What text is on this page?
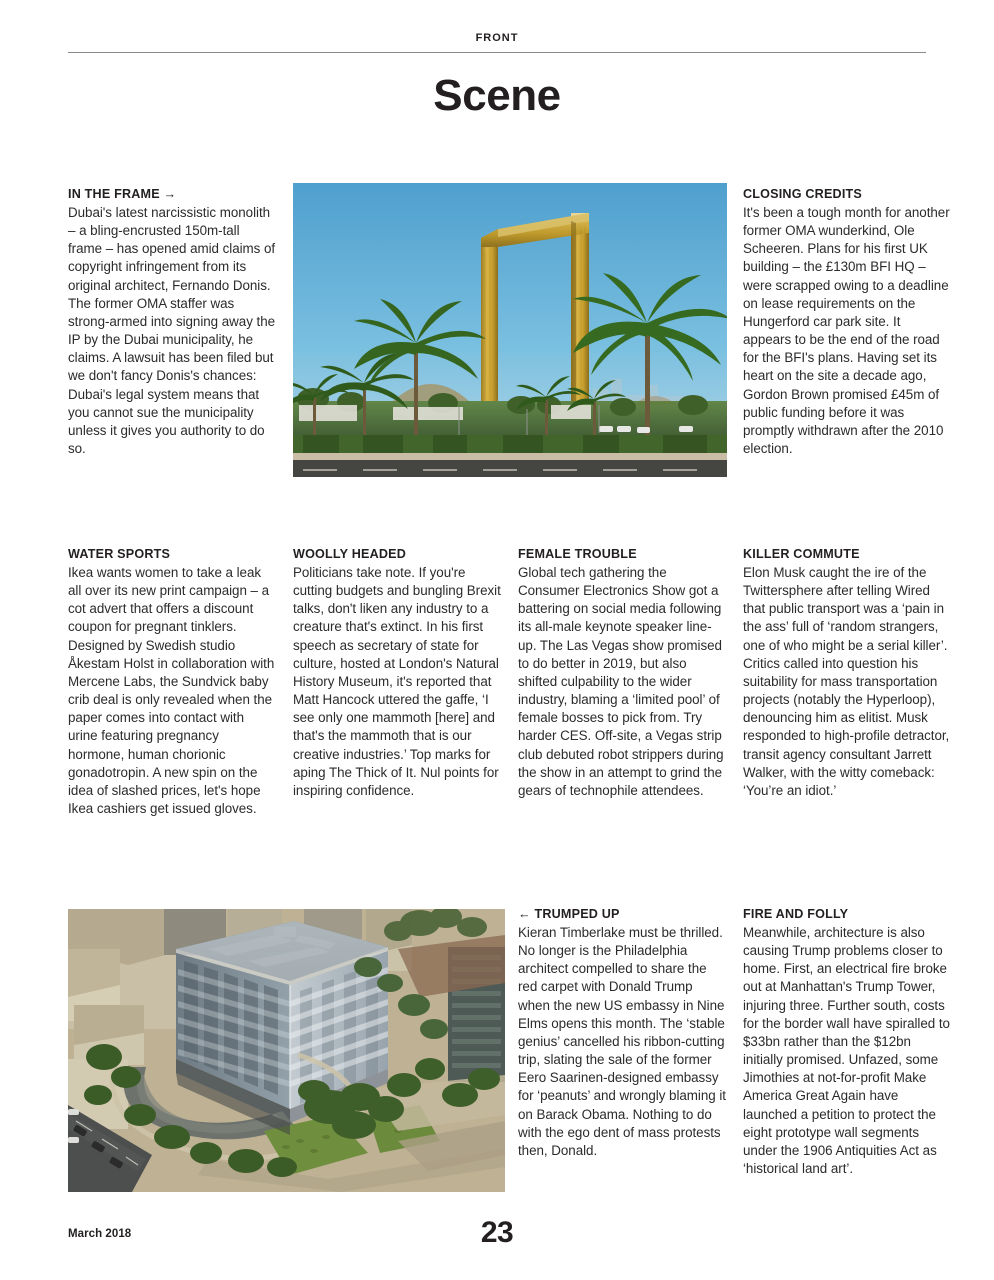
FRONT
Scene
IN THE FRAME →

Dubai's latest narcissistic monolith – a bling-encrusted 150m-tall frame – has opened amid claims of copyright infringement from its original architect, Fernando Donis. The former OMA staffer was strong-armed into signing away the IP by the Dubai municipality, he claims. A lawsuit has been filed but we don't fancy Donis's chances: Dubai's legal system means that you cannot sue the municipality unless it gives you authority to do so.

CLOSING CREDITS

It's been a tough month for another former OMA wunderkind, Ole Scheeren. Plans for his first UK building – the £130m BFI HQ – were scrapped owing to a deadline on lease requirements on the Hungerford car park site. It appears to be the end of the road for the BFI's plans. Having set its heart on the site a decade ago, Gordon Brown promised £45m of public funding before it was promptly withdrawn after the 2010 election.

WATER SPORTS

Ikea wants women to take a leak all over its new print campaign – a cot advert that offers a discount coupon for pregnant tinklers. Designed by Swedish studio Åkestam Holst in collaboration with Mercene Labs, the Sundvick baby crib deal is only revealed when the paper comes into contact with urine featuring pregnancy hormone, human chorionic gonadotropin. A new spin on the idea of slashed prices, let's hope Ikea cashiers get issued gloves.

WOOLLY HEADED

Politicians take note. If you're cutting budgets and bungling Brexit talks, don't liken any industry to a creature that's extinct. In his first speech as secretary of state for culture, hosted at London's Natural History Museum, it's reported that Matt Hancock uttered the gaffe, ‘I see only one mammoth [here] and that's the mammoth that is our creative industries.’ Top marks for aping The Thick of It. Nul points for inspiring confidence.

FEMALE TROUBLE

Global tech gathering the Consumer Electronics Show got a battering on social media following its all-male keynote speaker line-up. The Las Vegas show promised to do better in 2019, but also shifted culpability to the wider industry, blaming a ‘limited pool’ of female bosses to pick from. Try harder CES. Off-site, a Vegas strip club debuted robot strippers during the show in an attempt to grind the gears of technophile attendees.

KILLER COMMUTE

Elon Musk caught the ire of the Twittersphere after telling Wired that public transport was a ‘pain in the ass’ full of ‘random strangers, one of who might be a serial killer’. Critics called into question his suitability for mass transportation projects (notably the Hyperloop), denouncing him as elitist. Musk responded to high-profile detractor, transit agency consultant Jarrett Walker, with the witty comeback: ‘You’re an idiot.’

← TRUMPED UP

Kieran Timberlake must be thrilled. No longer is the Philadelphia architect compelled to share the red carpet with Donald Trump when the new US embassy in Nine Elms opens this month. The ‘stable genius’ cancelled his ribbon-cutting trip, slating the sale of the former Eero Saarinen-designed embassy for ‘peanuts’ and wrongly blaming it on Barack Obama. Nothing to do with the ego dent of mass protests then, Donald.

FIRE AND FOLLY

Meanwhile, architecture is also causing Trump problems closer to home. First, an electrical fire broke out at Manhattan's Trump Tower, injuring three. Further south, costs for the border wall have spiralled to $33bn rather than the $12bn initially promised. Unfazed, some Jimothies at not-for-profit Make America Great Again have launched a petition to protect the eight prototype wall segments under the 1906 Antiquities Act as ‘historical land art’.

March 2018	23
